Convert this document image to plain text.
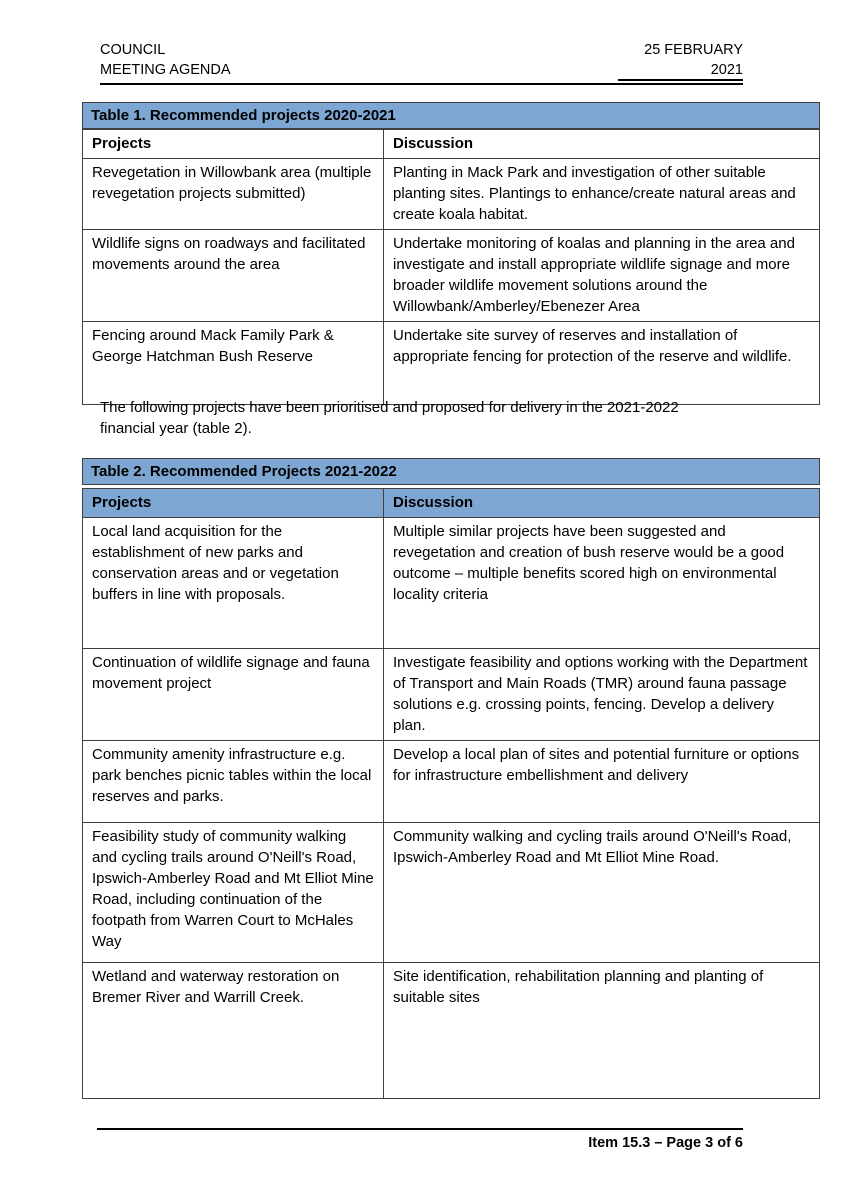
COUNCIL
MEETING AGENDA
25 FEBRUARY
2021
Table 1. Recommended projects 2020-2021
Projects	Discussion
Revegetation in Willowbank area (multiple revegetation projects submitted)
Planting in Mack Park and investigation of other suitable planting sites. Plantings to enhance/create natural areas and create koala habitat.
Wildlife signs on roadways and facilitated movements around the area
Undertake monitoring of koalas and planning in the area and investigate and install appropriate wildlife signage and more broader wildlife movement solutions around the Willowbank/Amberley/Ebenezer Area
Fencing around Mack Family Park & George Hatchman Bush Reserve
Undertake site survey of reserves and installation of appropriate fencing for protection of the reserve and wildlife.
The following projects have been prioritised and proposed for delivery in the 2021-2022 financial year (table 2).
Table 2. Recommended Projects 2021-2022
Projects	Discussion
Local land acquisition for the establishment of new parks and conservation areas and or vegetation buffers in line with proposals.
Multiple similar projects have been suggested and revegetation and creation of bush reserve would be a good outcome – multiple benefits scored high on environmental locality criteria
Continuation of wildlife signage and fauna movement project
Investigate feasibility and options working with the Department of Transport and Main Roads (TMR) around fauna passage solutions e.g. crossing points, fencing. Develop a delivery plan.
Community amenity infrastructure e.g. park benches picnic tables within the local reserves and parks.
Develop a local plan of sites and potential furniture or options for infrastructure embellishment and delivery
Feasibility study of community walking and cycling trails around O'Neill's Road, Ipswich-Amberley Road and Mt Elliot Mine Road, including continuation of the footpath from Warren Court to McHales Way
Community walking and cycling trails around O'Neill's Road, Ipswich-Amberley Road and Mt Elliot Mine Road.
Wetland and waterway restoration on Bremer River and Warrill Creek.
Site identification, rehabilitation planning and planting of suitable sites
Item 15.3 – Page 3 of 6
